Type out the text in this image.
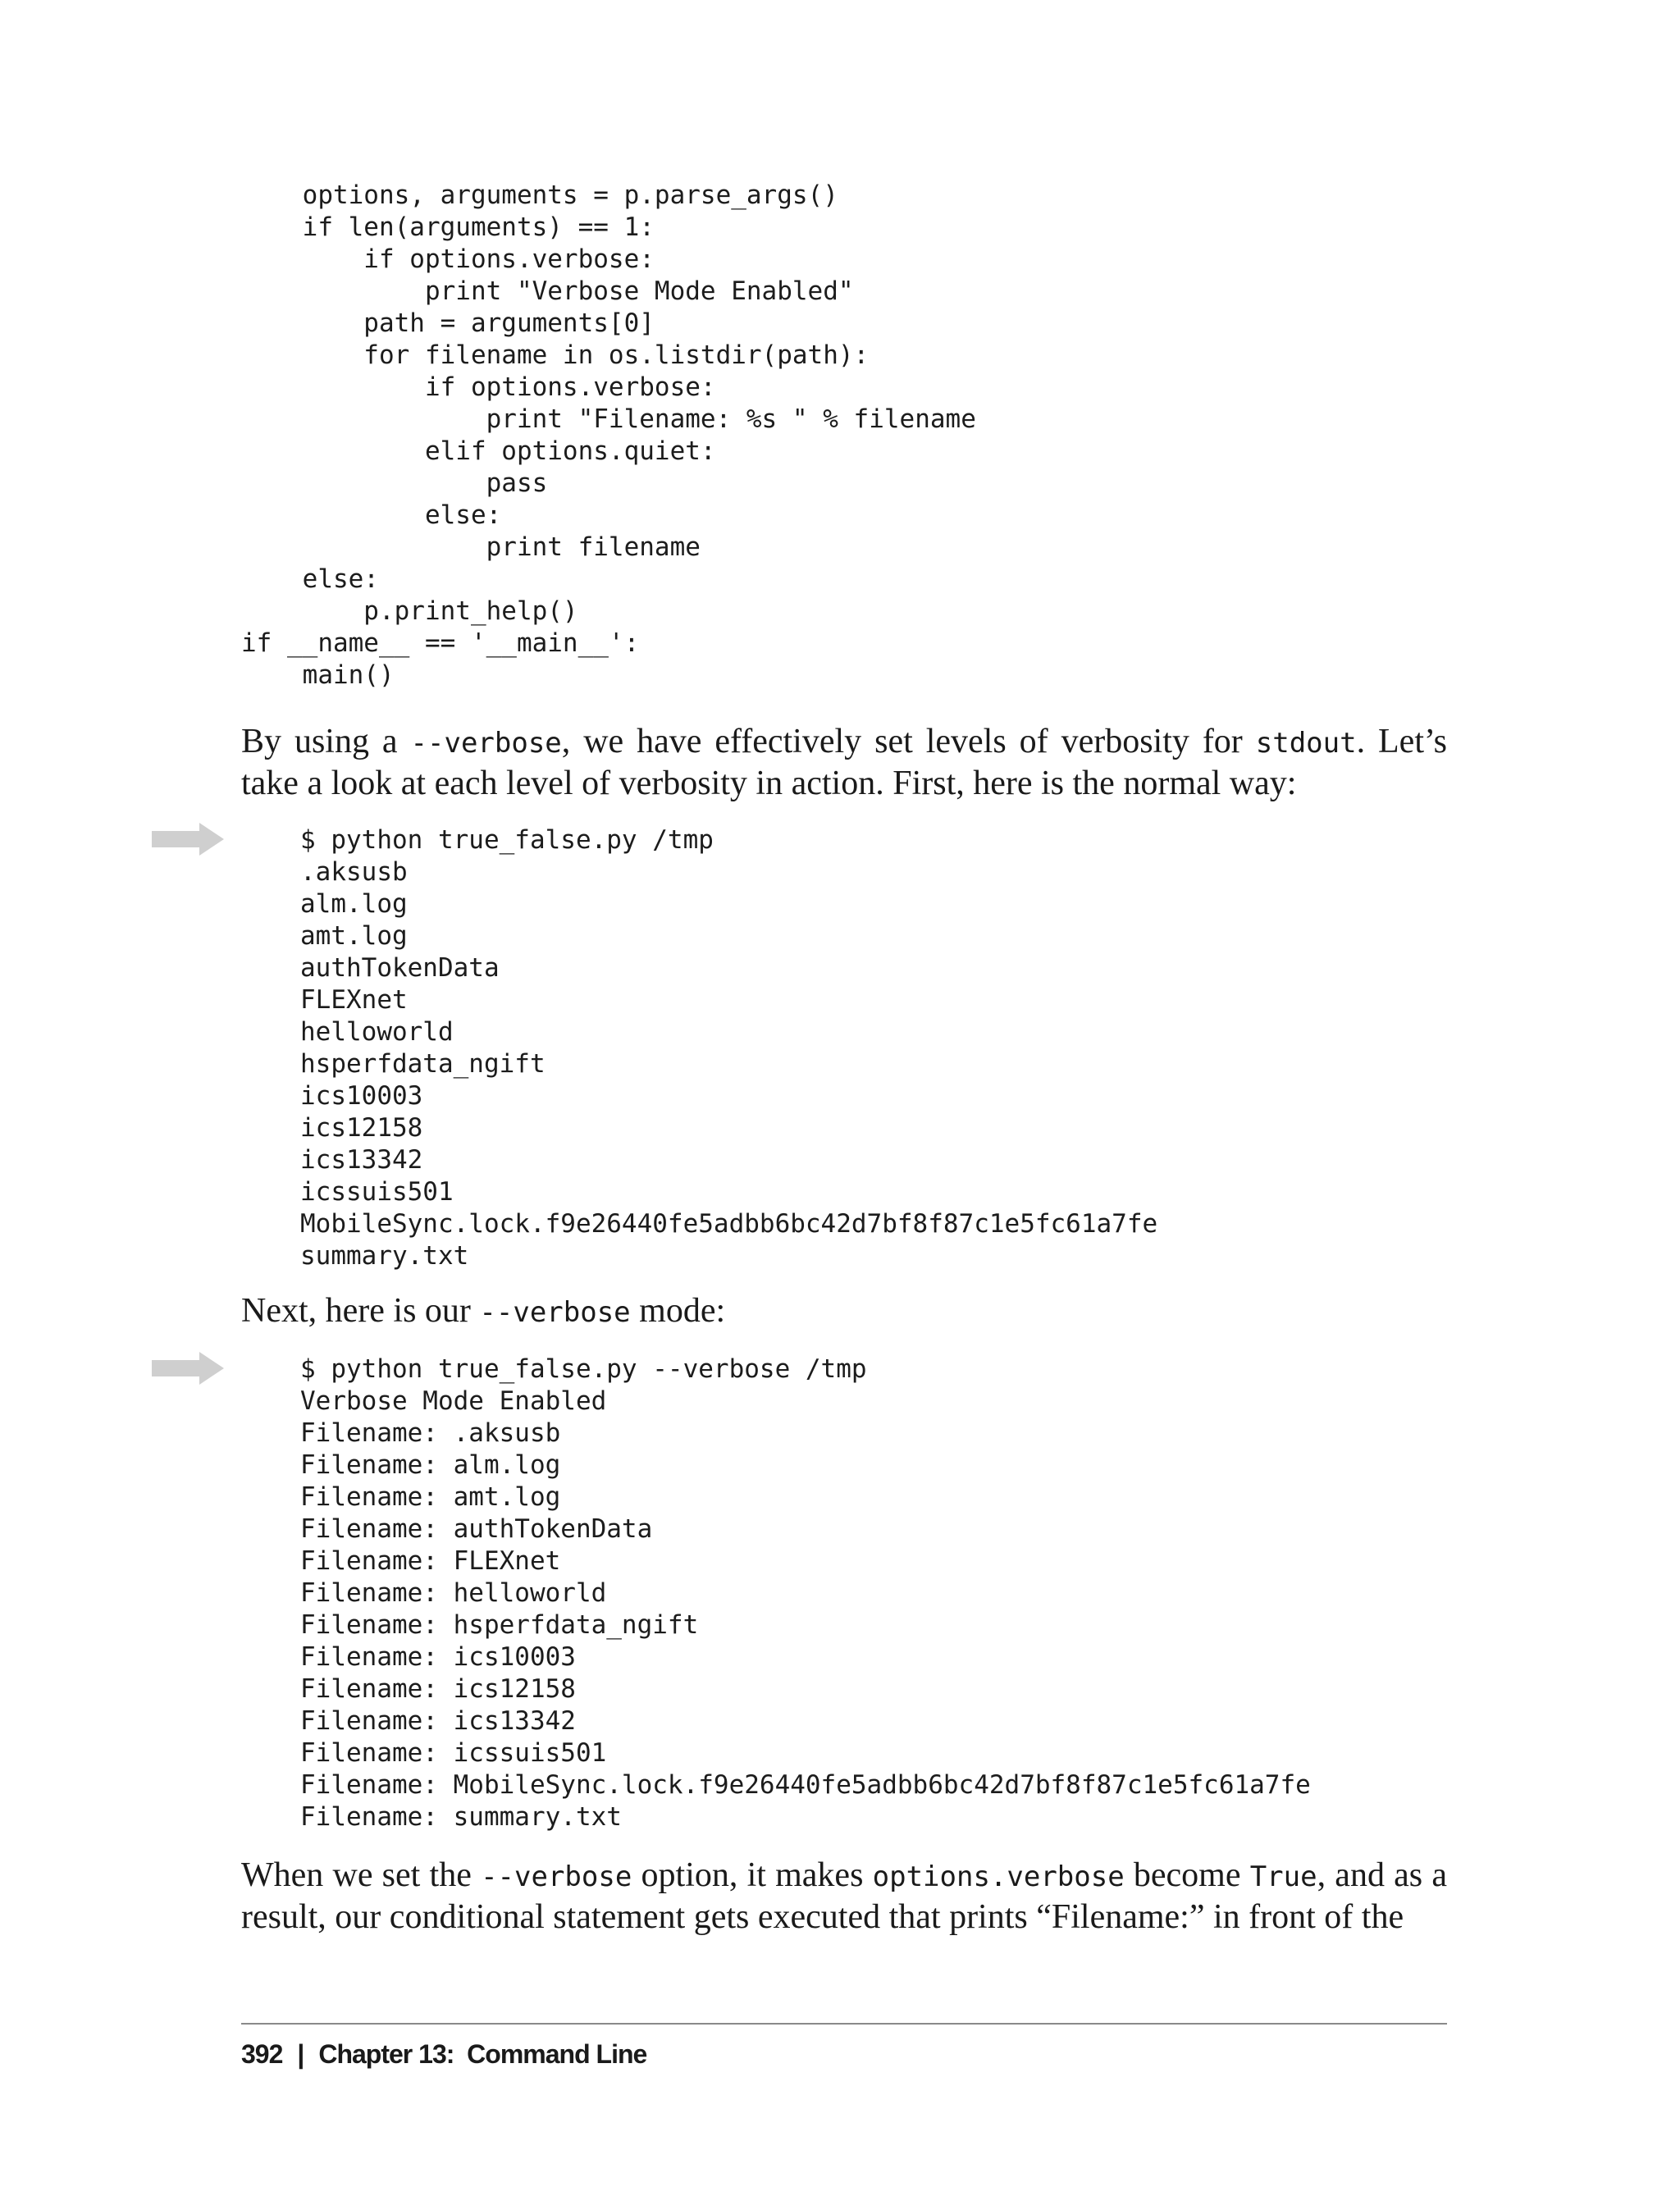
options, arguments = p.parse_args()
if len(arguments) == 1:
if options.verbose:
print "Verbose Mode Enabled"
path = arguments[0]
for filename in os.listdir(path):
if options.verbose:
print "Filename: %s " % filename
elif options.quiet:
pass
else:
print filename
else:
p.print_help()
if __name__ == '__main__':
main()

By using a --verbose, we have effectively set levels of verbosity for stdout. Let’s take a look at each level of verbosity in action. First, here is the normal way:

$ python true_false.py /tmp
.aksusb
alm.log
amt.log
authTokenData
FLEXnet
helloworld
hsperfdata_ngift
ics10003
ics12158
ics13342
icssuis501
MobileSync.lock.f9e26440fe5adbb6bc42d7bf8f87c1e5fc61a7fe
summary.txt

Next, here is our --verbose mode:

$ python true_false.py --verbose /tmp
Verbose Mode Enabled
Filename: .aksusb
Filename: alm.log
Filename: amt.log
Filename: authTokenData
Filename: FLEXnet
Filename: helloworld
Filename: hsperfdata_ngift
Filename: ics10003
Filename: ics12158
Filename: ics13342
Filename: icssuis501
Filename: MobileSync.lock.f9e26440fe5adbb6bc42d7bf8f87c1e5fc61a7fe
Filename: summary.txt

When we set the --verbose option, it makes options.verbose become True, and as a result, our conditional statement gets executed that prints “Filename:” in front of the

392 | Chapter 13:  Command Line
